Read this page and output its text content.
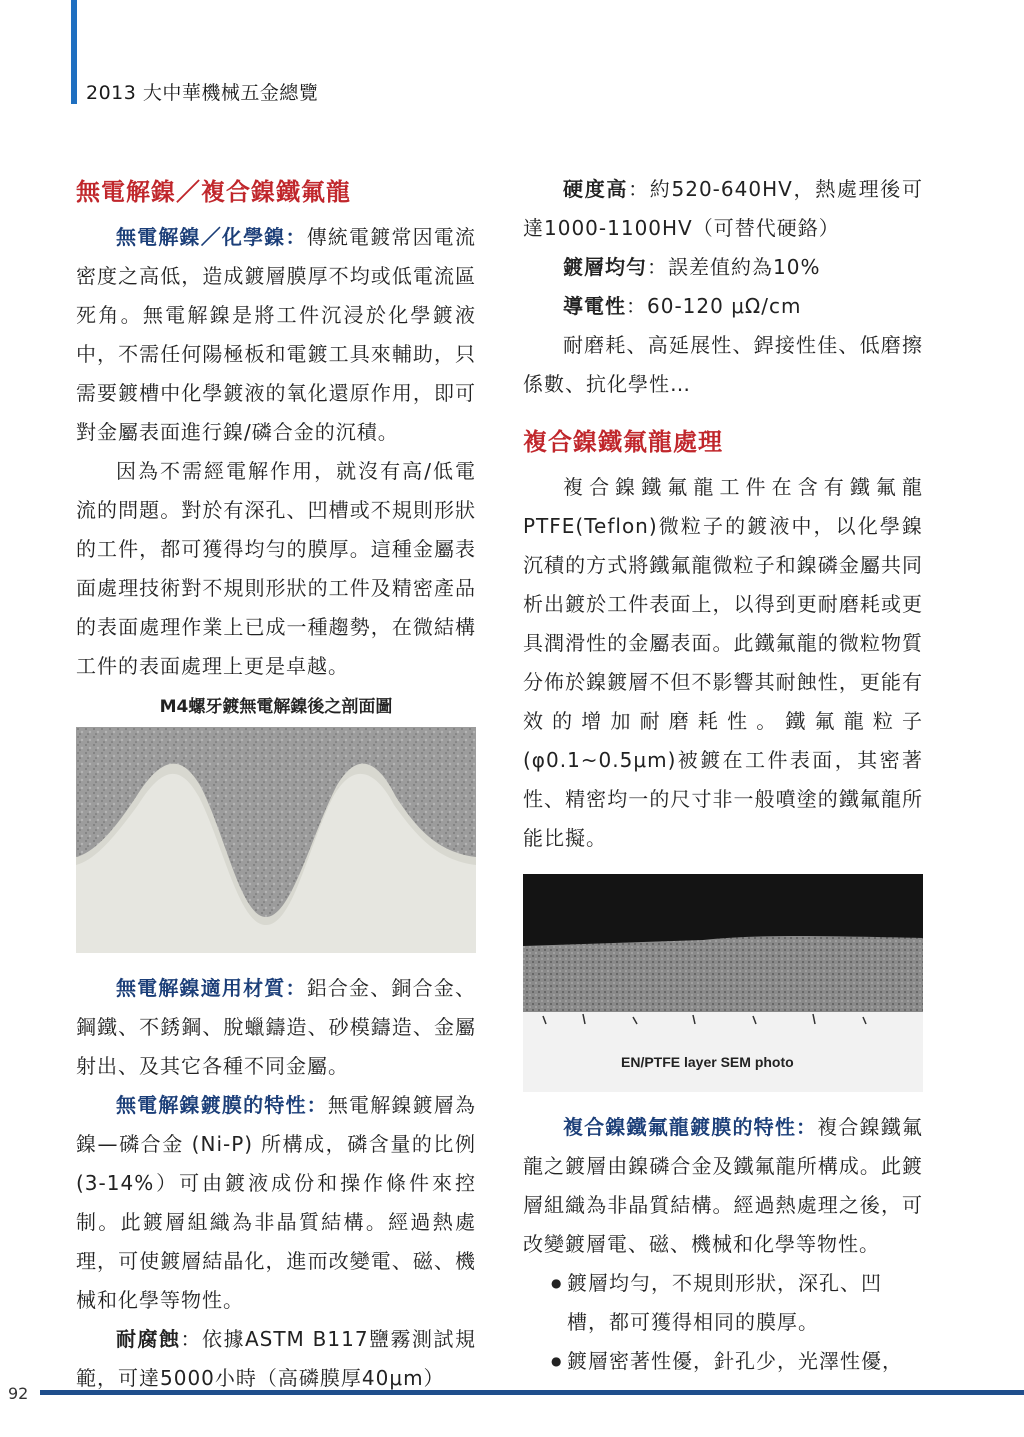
2013 大中華機械五金總覽
無電解鎳／複合鎳鐵氟龍

無電解鎳／化學鎳：傳統電鍍常因電流密度之高低，造成鍍層膜厚不均或低電流區死角。無電解鎳是將工件沉浸於化學鍍液中，不需任何陽極板和電鍍工具來輔助，只需要鍍槽中化學鍍液的氧化還原作用，即可對金屬表面進行鎳/磷合金的沉積。

因為不需經電解作用，就沒有高/低電流的問題。對於有深孔、凹槽或不規則形狀的工件，都可獲得均勻的膜厚。這種金屬表面處理技術對不規則形狀的工件及精密產品的表面處理作業上已成一種趨勢，在微結構工件的表面處理上更是卓越。

M4螺牙鍍無電解鎳後之剖面圖

無電解鎳適用材質：鋁合金、銅合金、鋼鐵、不銹鋼、脫蠟鑄造、砂模鑄造、金屬射出、及其它各種不同金屬。

無電解鎳鍍膜的特性：無電解鎳鍍層為鎳—磷合金 (Ni-P) 所構成，磷含量的比例(3-14%）可由鍍液成份和操作條件來控制。此鍍層組織為非晶質結構。經過熱處理，可使鍍層結晶化，進而改變電、磁、機械和化學等物性。

耐腐蝕：依據ASTM B117鹽霧測試規範，可達5000小時（高磷膜厚40μm）

硬度高：約520-640HV，熱處理後可達1000-1100HV（可替代硬鉻）

鍍層均勻：誤差值約為10%

導電性：60-120 μΩ/cm

耐磨耗、高延展性、銲接性佳、低磨擦係數、抗化學性…

複合鎳鐵氟龍處理

複合鎳鐵氟龍工件在含有鐵氟龍PTFE(Teflon)微粒子的鍍液中，以化學鎳沉積的方式將鐵氟龍微粒子和鎳磷金屬共同析出鍍於工件表面上，以得到更耐磨耗或更具潤滑性的金屬表面。此鐵氟龍的微粒物質分佈於鎳鍍層不但不影響其耐蝕性，更能有效的增加耐磨耗性。鐵氟龍粒子(φ0.1~0.5μm)被鍍在工件表面，其密著性、精密均一的尺寸非一般噴塗的鐵氟龍所能比擬。

EN/PTFE layer SEM photo

複合鎳鐵氟龍鍍膜的特性：複合鎳鐵氟龍之鍍層由鎳磷合金及鐵氟龍所構成。此鍍層組織為非晶質結構。經過熱處理之後，可改變鍍層電、磁、機械和化學等物性。

● 鍍層均勻，不規則形狀，深孔、凹槽，都可獲得相同的膜厚。
● 鍍層密著性優，針孔少，光澤性優，
92
